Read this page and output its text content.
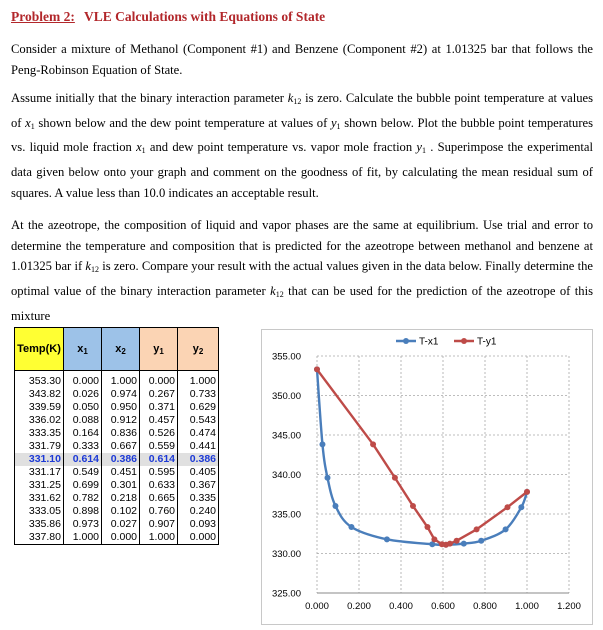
Problem 2: VLE Calculations with Equations of State
Consider a mixture of Methanol (Component #1) and Benzene (Component #2) at 1.01325 bar that follows the Peng-Robinson Equation of State.
Assume initially that the binary interaction parameter $k_{12}$ is zero. Calculate the bubble point temperature at values of $x_1$ shown below and the dew point temperature at values of $y_1$ shown below. Plot the bubble point temperatures vs. liquid mole fraction $x_1$ and dew point temperature vs. vapor mole fraction $y_1$ . Superimpose the experimental data given below onto your graph and comment on the goodness of fit, by calculating the mean residual sum of squares. A value less than 10.0 indicates an acceptable result.
At the azeotrope, the composition of liquid and vapor phases are the same at equilibrium. Use trial and error to determine the temperature and composition that is predicted for the azeotrope between methanol and benzene at 1.01325 bar if $k_{12}$ is zero. Compare your result with the actual values given in the data below. Finally determine the optimal value of the binary interaction parameter $k_{12}$ that can be used for the prediction of the azeotrope of this mixture
Temp(K)	x1	x2	y1	y2

353.30	0.000	1.000	0.000	1.000
343.82	0.026	0.974	0.267	0.733
339.59	0.050	0.950	0.371	0.629
336.02	0.088	0.912	0.457	0.543
333.35	0.164	0.836	0.526	0.474
331.79	0.333	0.667	0.559	0.441
331.10	0.614	0.386	0.614	0.386
331.17	0.549	0.451	0.595	0.405
331.25	0.699	0.301	0.633	0.367
331.62	0.782	0.218	0.665	0.335
333.05	0.898	0.102	0.760	0.240
335.86	0.973	0.027	0.907	0.093
337.80	1.000	0.000	1.000	0.000
0.000 0.200 0.400 0.600 0.800 1.000 1.200
325.00
330.00
335.00
340.00
345.00
350.00
355.00
T-x1	T-y1
